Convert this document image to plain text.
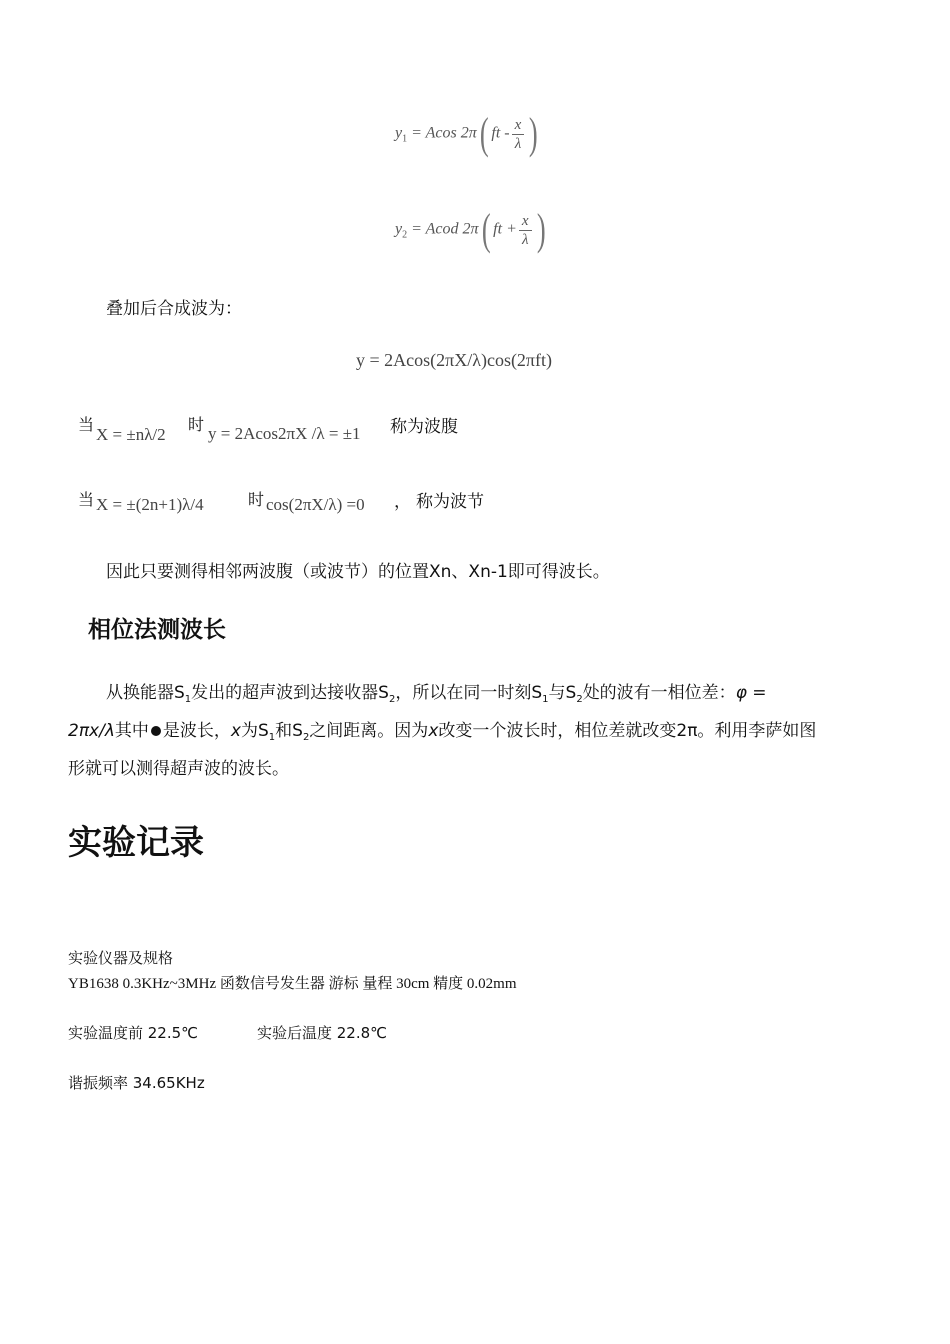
$y_1 = Acos$ 2π( ft - $\frac{x}{\lambda}$ )
$y_2$ = Acod 2π( ft + $\frac{x}{\lambda}$ )
叠加后合成波为：
y = 2Acos(2πX/λ)cos(2πft)
当
X = ±nλ/2
时 y = 2Acos2πX /λ = ±1 称为波腹
当 X = ±(2n+1)λ/4	时 cos(2πX/λ) =0 ， 称为波节
因此只要测得相邻两波腹（或波节）的位置Xn、Xn-1即可得波长。
相位法测波长
从换能器$S_1$发出的超声波到达接收器$S_2$，所以在同一时刻$S_1$与$S_2$处的波有一相位差：φ =
2πx/λ其中 是波长，x为$S_1$和$S_2$之间距离。因为x改变一个波长时，相位差就改变2π。利用李萨如图
形就可以测得超声波的波长。
实验记录
实验仪器及规格
YB1638 0.3KHz~3MHz 函数信号发生器 游标 量程 30cm 精度 0.02mm
实验温度前 22.5℃	实验后温度 22.8℃
谐振频率 34.65KHz
